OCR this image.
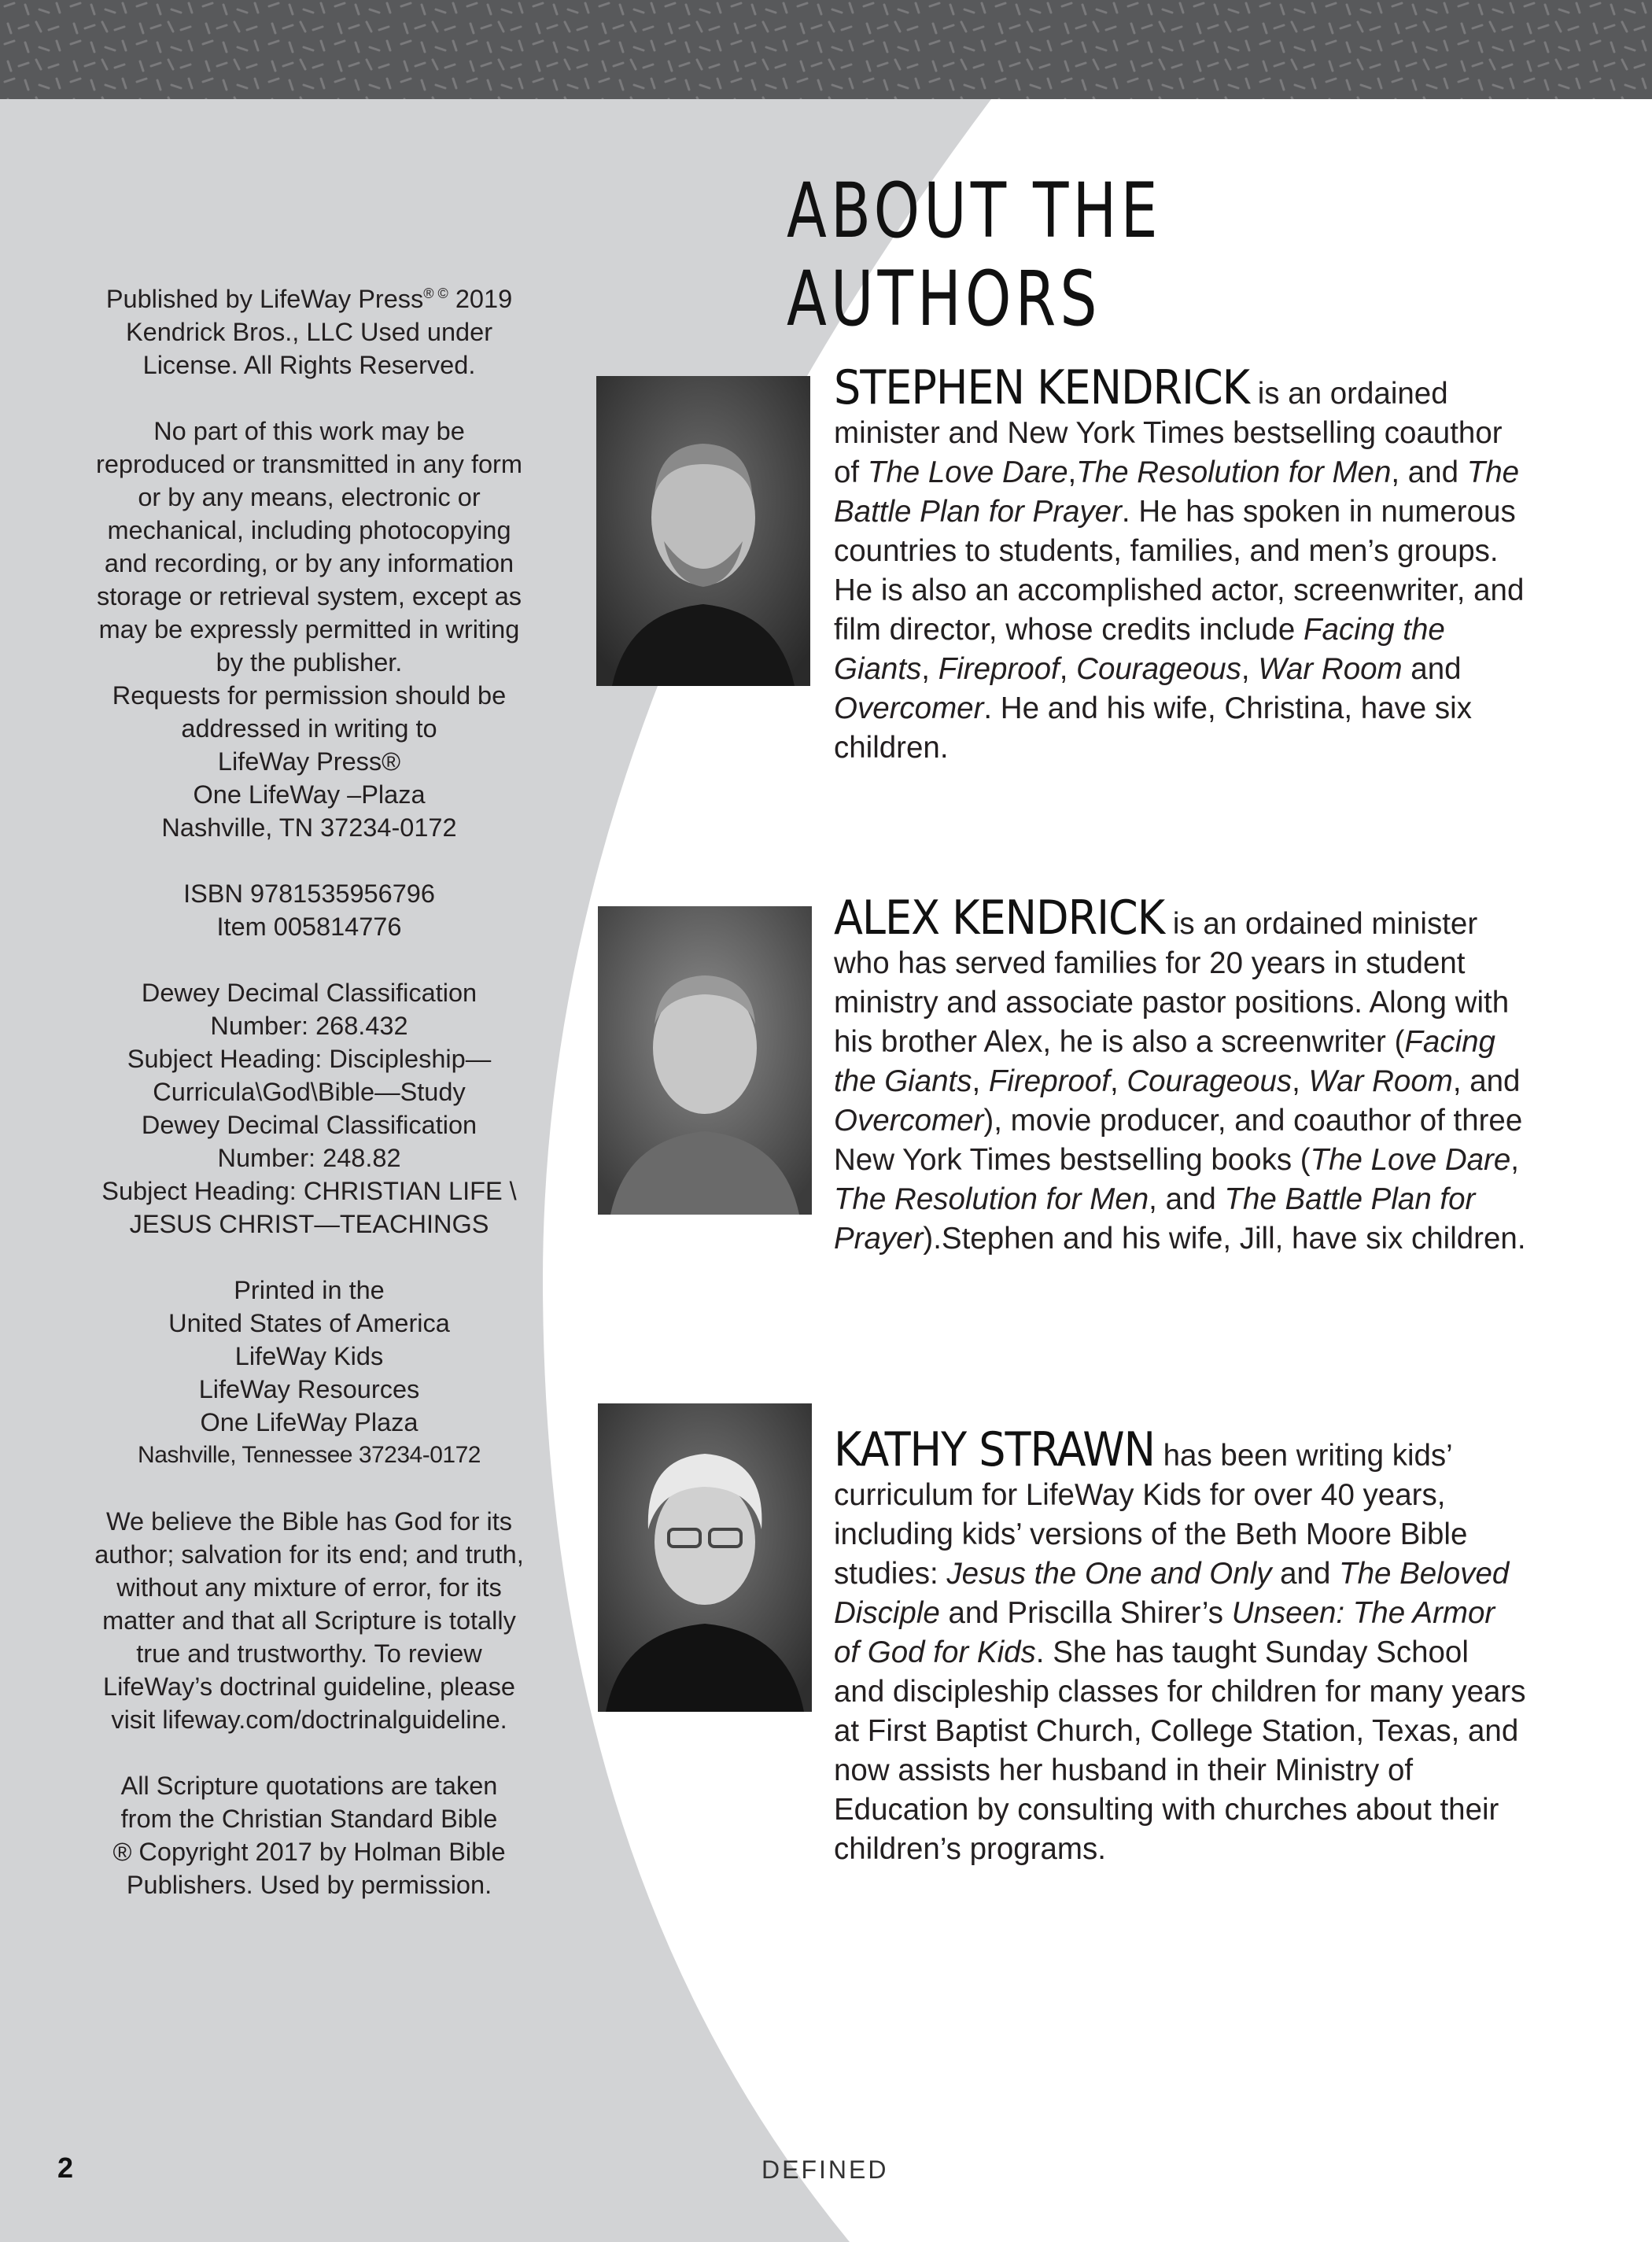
ABOUT THE AUTHORS

Published by LifeWay Press® © 2019 Kendrick Bros., LLC Used under License. All Rights Reserved.

No part of this work may be reproduced or transmitted in any form or by any means, electronic or mechanical, including photocopying and recording, or by any information storage or retrieval system, except as may be expressly permitted in writing by the publisher.

Requests for permission should be addressed in writing to

LifeWay Press®

One LifeWay –Plaza

Nashville, TN 37234-0172

ISBN 9781535956796

Item 005814776

Dewey Decimal Classification Number: 268.432

Subject Heading: Discipleship—Curricula\God\Bible—Study

Dewey Decimal Classification Number: 248.82

Subject Heading: CHRISTIAN LIFE \ JESUS CHRIST—TEACHINGS

Printed in the

United States of America

LifeWay Kids

LifeWay Resources

One LifeWay Plaza

Nashville, Tennessee 37234-0172

We believe the Bible has God for its author; salvation for its end; and truth, without any mixture of error, for its matter and that all Scripture is totally true and trustworthy. To review LifeWay’s doctrinal guideline, please visit lifeway.com/doctrinalguideline.

All Scripture quotations are taken from the Christian Standard Bible

® Copyright 2017 by Holman Bible Publishers. Used by permission.

STEPHEN KENDRICK is an ordained minister and New York Times bestselling coauthor of The Love Dare,The Resolution for Men, and The Battle Plan for Prayer. He has spoken in numerous countries to students, families, and men’s groups. He is also an accomplished actor, screenwriter, and film director, whose credits include Facing the Giants, Fireproof, Courageous, War Room and Overcomer. He and his wife, Christina, have six children.

ALEX KENDRICK is an ordained minister who has served families for 20 years in student ministry and associate pastor positions. Along with his brother Alex, he is also a screenwriter (Facing the Giants, Fireproof, Courageous, War Room, and Overcomer), movie producer, and coauthor of three New York Times bestselling books (The Love Dare, The Resolution for Men, and The Battle Plan for Prayer).Stephen and his wife, Jill, have six children.

KATHY STRAWN has been writing kids’ curriculum for LifeWay Kids for over 40 years, including kids’ versions of the Beth Moore Bible studies: Jesus the One and Only and The Beloved Disciple and Priscilla Shirer’s Unseen: The Armor of God for Kids. She has taught Sunday School and discipleship classes for children for many years at First Baptist Church, College Station, Texas, and now assists her husband in their Ministry of Education by consulting with churches about their children’s programs.

2	DEFINED
